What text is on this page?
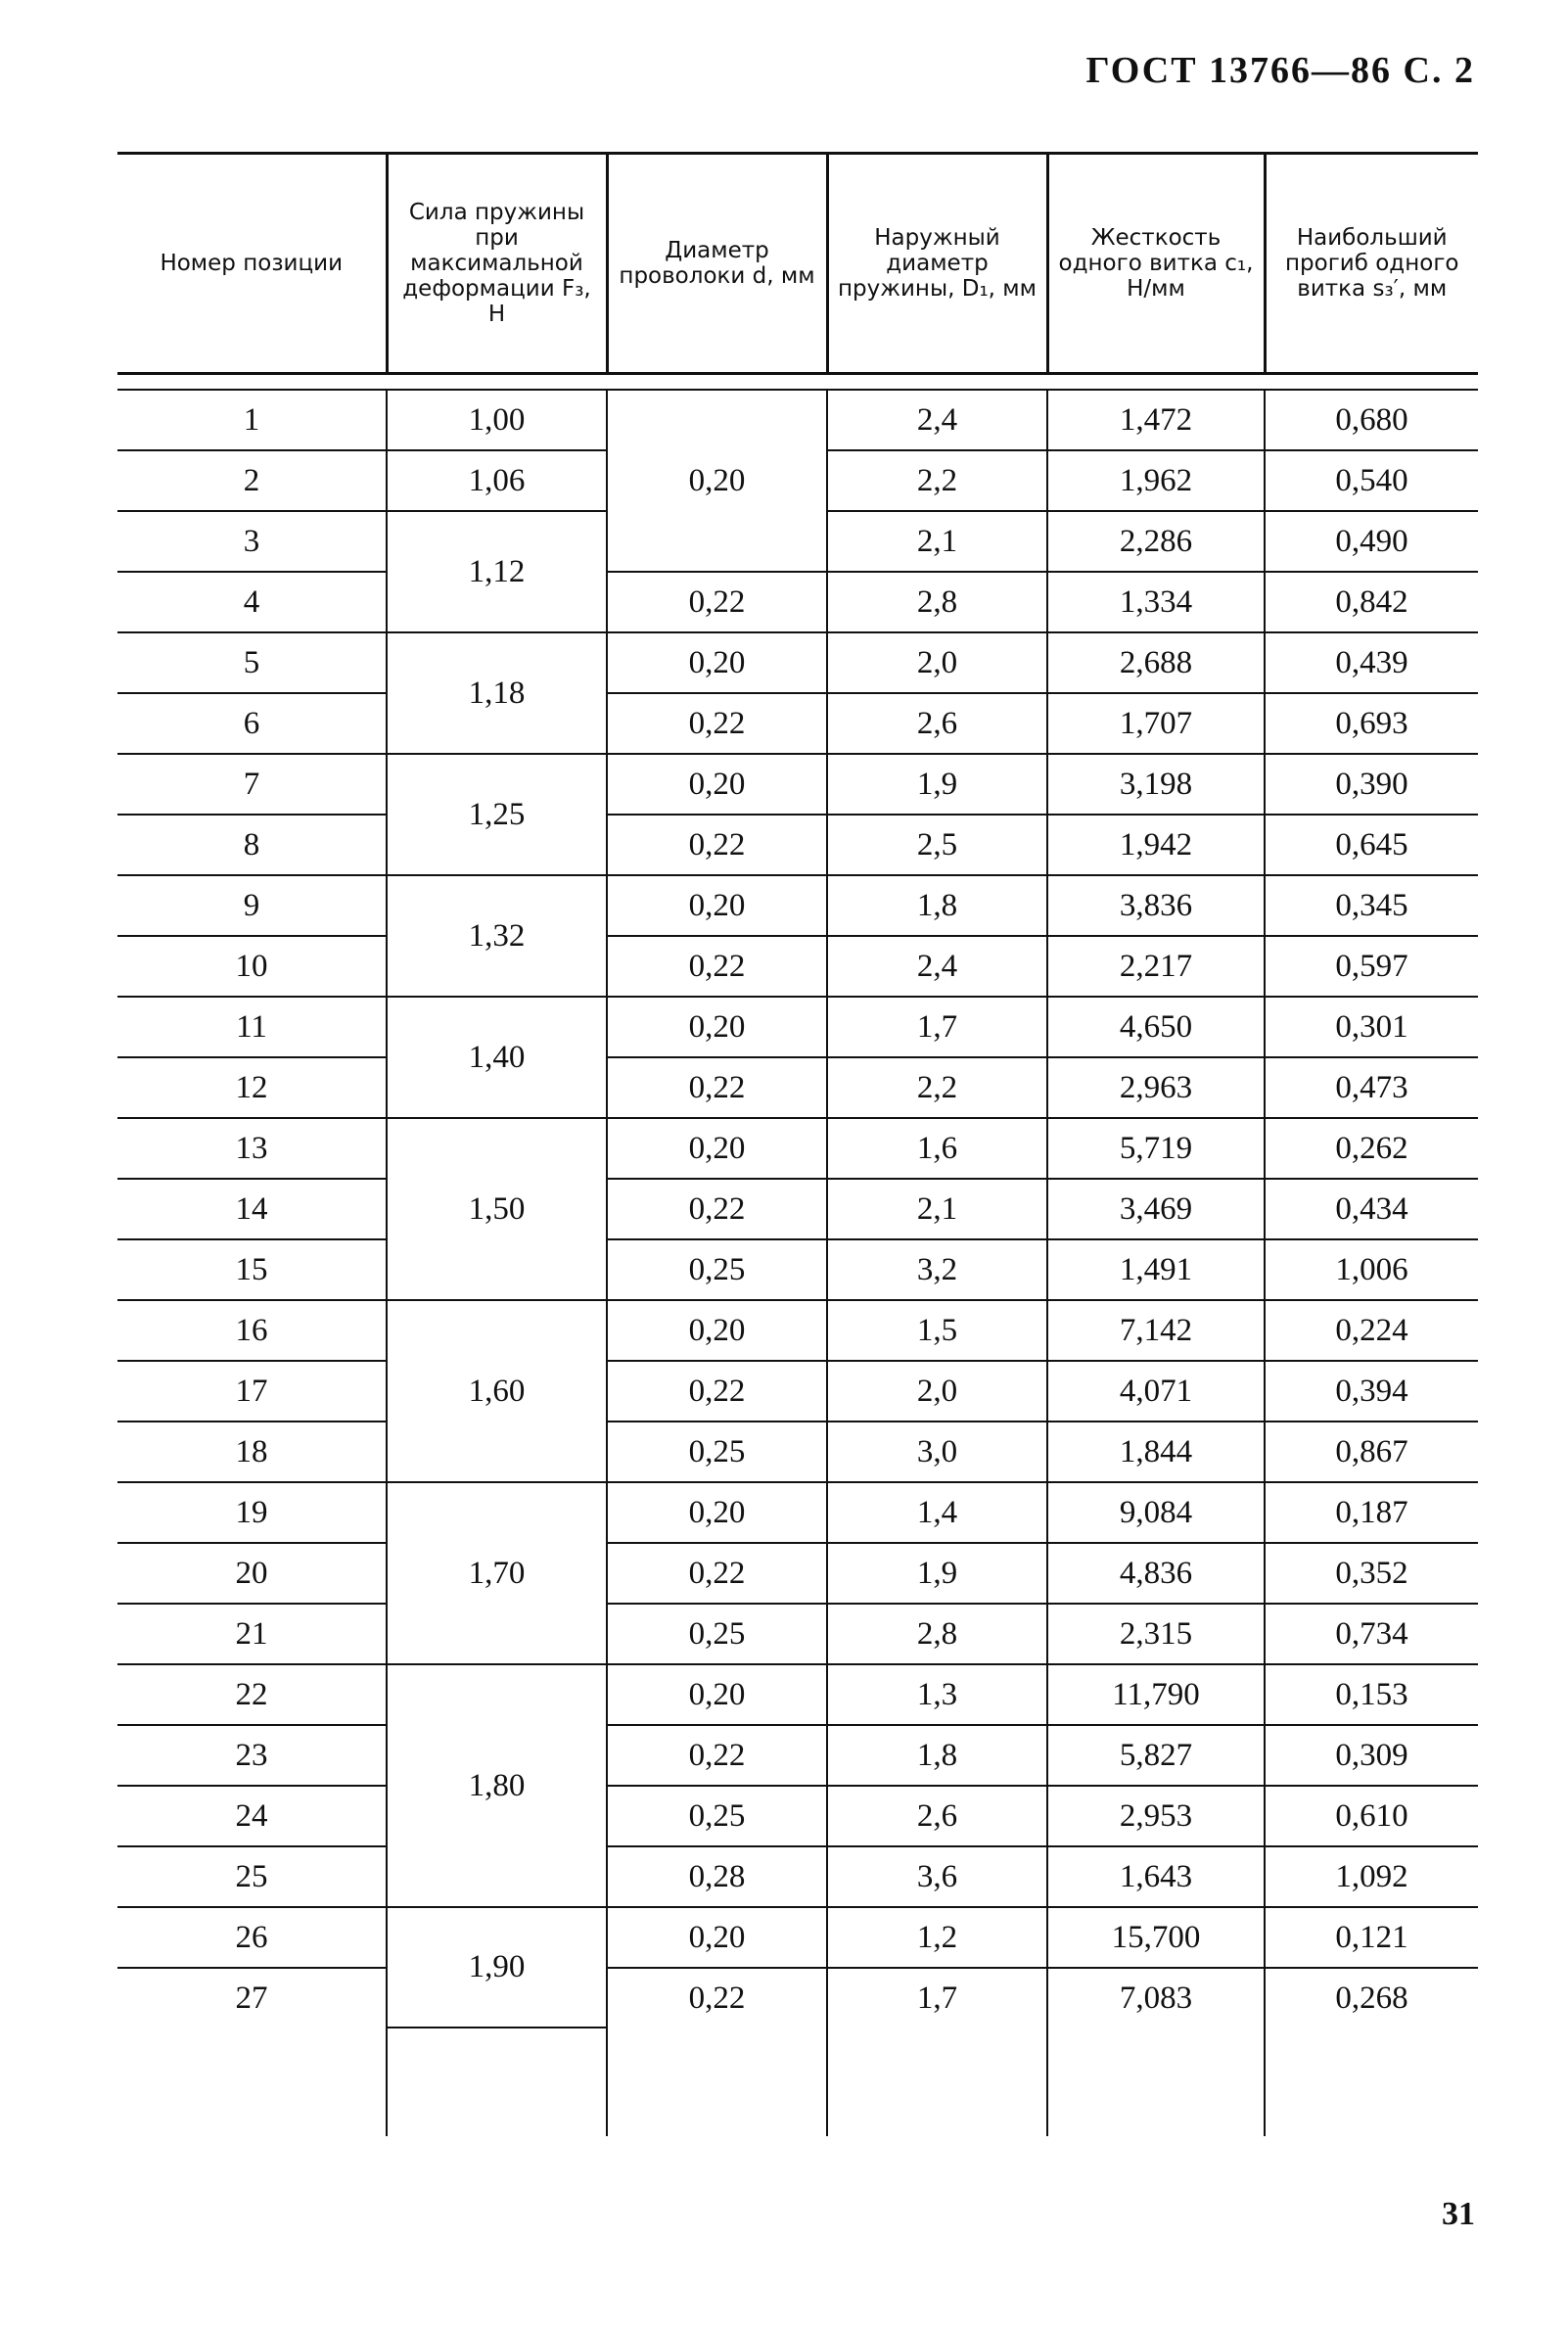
ГОСТ 13766—86 С. 2
Номер позиции	Сила пружины при максимальной деформации F₃, Н	Диаметр проволоки d, мм	Наружный диаметр пружины, D₁, мм	Жесткость одного витка c₁, Н/мм	Наибольший прогиб одного витка s₃′, мм

1	1,00	0,20	2,4	1,472	0,680
2	1,06		2,2	1,962	0,540
3	1,12		2,1	2,286	0,490
4		0,22	2,8	1,334	0,842
5	1,18	0,20	2,0	2,688	0,439
6		0,22	2,6	1,707	0,693
7	1,25	0,20	1,9	3,198	0,390
8		0,22	2,5	1,942	0,645
9	1,32	0,20	1,8	3,836	0,345
10		0,22	2,4	2,217	0,597
11	1,40	0,20	1,7	4,650	0,301
12		0,22	2,2	2,963	0,473
13	1,50	0,20	1,6	5,719	0,262
14		0,22	2,1	3,469	0,434
15		0,25	3,2	1,491	1,006
16	1,60	0,20	1,5	7,142	0,224
17		0,22	2,0	4,071	0,394
18		0,25	3,0	1,844	0,867
19	1,70	0,20	1,4	9,084	0,187
20		0,22	1,9	4,836	0,352
21		0,25	2,8	2,315	0,734
22	1,80	0,20	1,3	11,790	0,153
23		0,22	1,8	5,827	0,309
24		0,25	2,6	2,953	0,610
25		0,28	3,6	1,643	1,092
26	1,90	0,20	1,2	15,700	0,121
27		0,22	1,7	7,083	0,268

31
